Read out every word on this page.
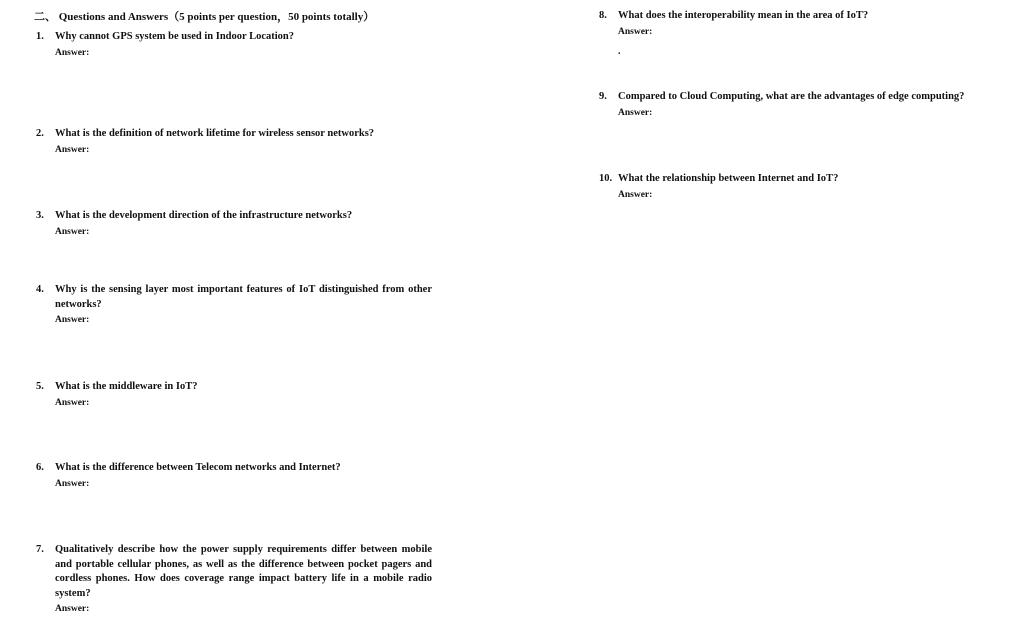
二、 Questions and Answers（5 points per question，50 points totally）
1. Why cannot GPS system be used in Indoor Location?
Answer:
2. What is the definition of network lifetime for wireless sensor networks?
Answer:
3. What is the development direction of the infrastructure networks?
Answer:
4. Why is the sensing layer most important features of IoT distinguished from other networks?
Answer:
5. What is the middleware in IoT?
Answer:
6. What is the difference between Telecom networks and Internet?
Answer:
7. Qualitatively describe how the power supply requirements differ between mobile and portable cellular phones, as well as the difference between pocket pagers and cordless phones. How does coverage range impact battery life in a mobile radio system?
Answer:
8. What does the interoperability mean in the area of IoT?
Answer:
.
9. Compared to Cloud Computing, what are the advantages of edge computing?
Answer:
10. What the relationship between Internet and IoT?
Answer:
